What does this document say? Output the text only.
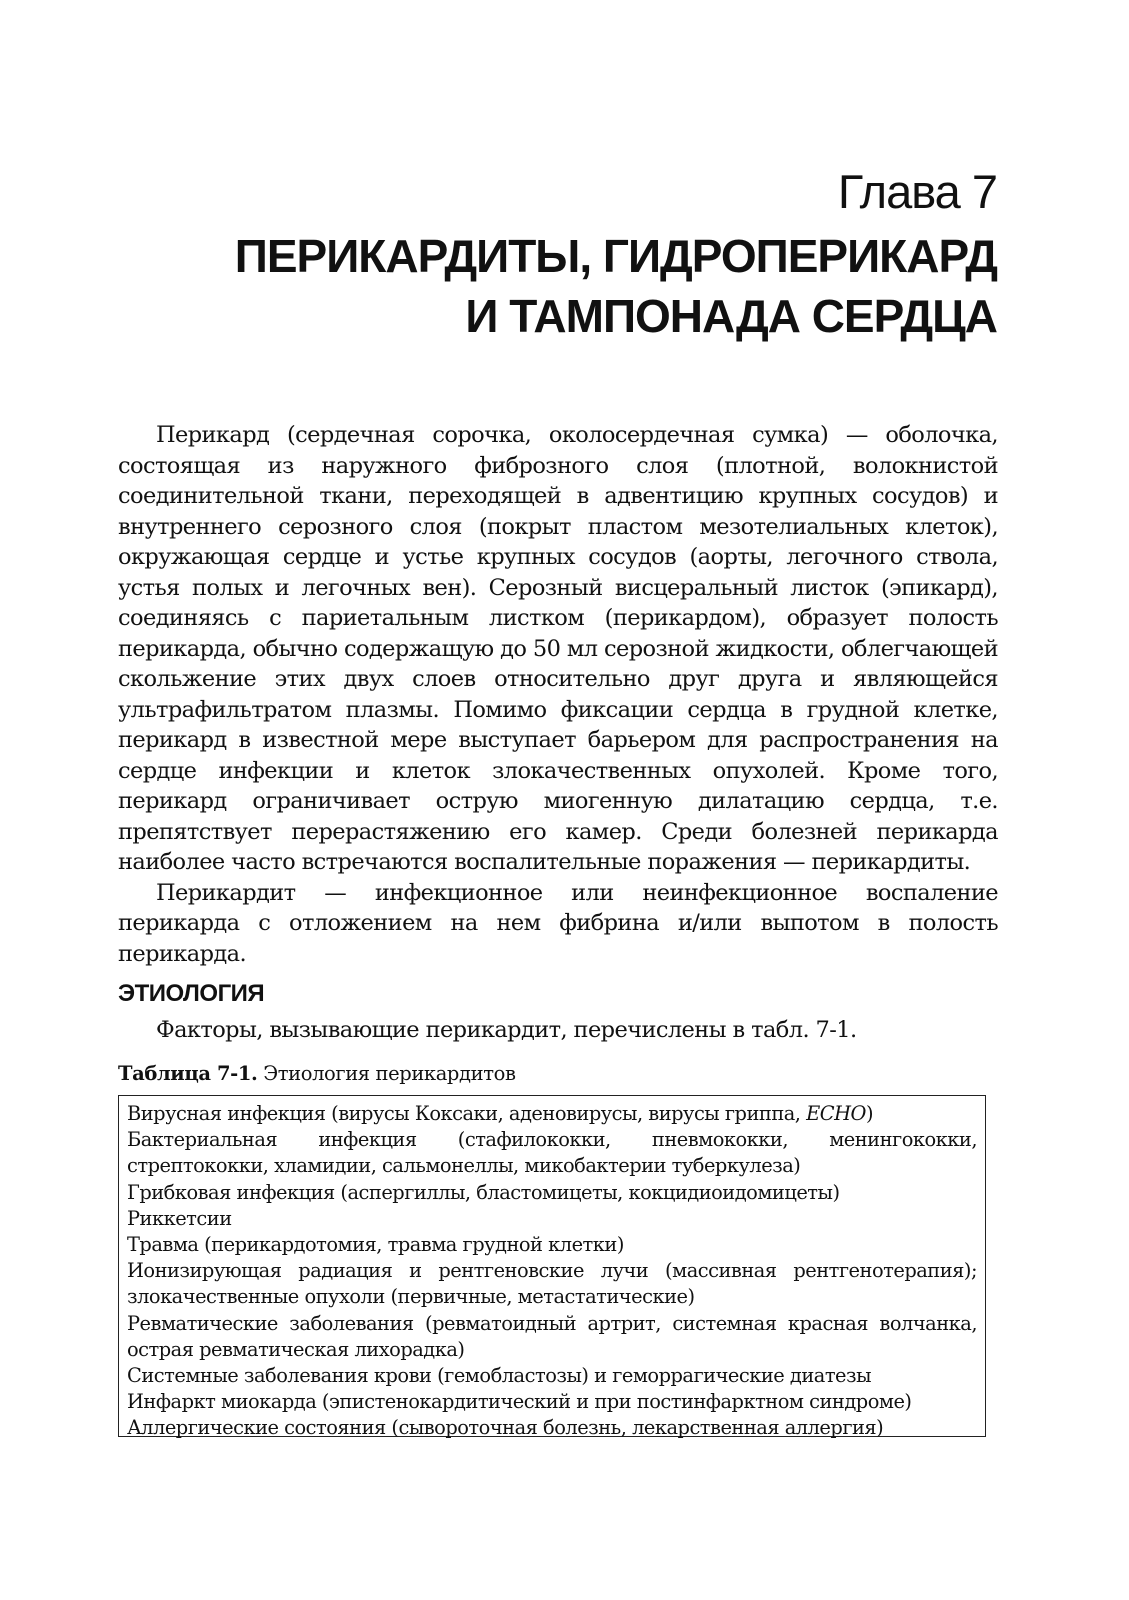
Глава 7
ПЕРИКАРДИТЫ, ГИДРОПЕРИКАРД
И ТАМПОНАДА СЕРДЦА

Перикард (сердечная сорочка, околосердечная сумка) — оболочка, состоящая из наружного фиброзного слоя (плотной, волокнистой соединительной ткани, переходящей в адвентицию крупных сосудов) и внутреннего серозного слоя (покрыт пластом мезотелиальных клеток), окружающая сердце и устье крупных сосудов (аорты, легочного ствола, устья полых и легочных вен). Серозный висцеральный листок (эпикард), соединяясь с париетальным листком (перикардом), образует полость перикарда, обычно содержащую до 50 мл серозной жидкости, облегчающей скольжение этих двух слоев относительно друг друга и являющейся ультрафильтратом плазмы. Помимо фиксации сердца в грудной клетке, перикард в известной мере выступает барьером для распространения на сердце инфекции и клеток злокачественных опухолей. Кроме того, перикард ограничивает острую миогенную дилатацию сердца, т.е. препятствует перерастяжению его камер. Среди болезней перикарда наиболее часто встречаются воспалительные поражения — перикардиты.

Перикардит — инфекционное или неинфекционное воспаление перикарда с отложением на нем фибрина и/или выпотом в полость перикарда.

ЭТИОЛОГИЯ
Факторы, вызывающие перикардит, перечислены в табл. 7-1.
Таблица 7-1. Этиология перикардитов
Вирусная инфекция (вирусы Коксаки, аденовирусы, вирусы гриппа, ECHO)
Бактериальная инфекция (стафилококки, пневмококки, менингококки, стрептококки, хламидии, сальмонеллы, микобактерии туберкулеза)
Грибковая инфекция (аспергиллы, бластомицеты, кокцидиоидомицеты)
Риккетсии
Травма (перикардотомия, травма грудной клетки)
Ионизирующая радиация и рентгеновские лучи (массивная рентгенотерапия); злокачественные опухоли (первичные, метастатические)
Ревматические заболевания (ревматоидный артрит, системная красная волчанка, острая ревматическая лихорадка)
Системные заболевания крови (гемобластозы) и геморрагические диатезы
Инфаркт миокарда (эпистенокардитический и при постинфарктном синдроме)
Аллергические состояния (сывороточная болезнь, лекарственная аллергия)
